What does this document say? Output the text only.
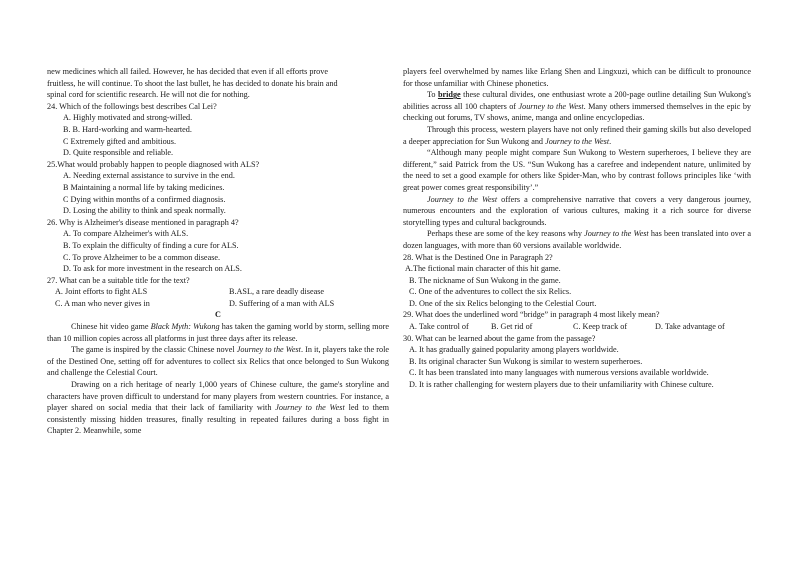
new medicines which all failed. However, he has decided that even if all efforts prove
fruitless, he will continue. To shoot the last bullet, he has decided to donate his brain and
spinal cord for scientific research. He will not die for nothing.
24. Which of the followings best describes Cal Lei?
A. Highly motivated and strong-willed.
B. B. Hard-working and warm-hearted.
C Extremely gifted and ambitious.
D. Quite responsible and reliable.
25.What would probably happen to people diagnosed with ALS?
A. Needing external assistance to survive in the end.
B Maintaining a normal life by taking medicines.
C Dying within months of a confirmed diagnosis.
D. Losing the ability to think and speak normally.
26. Why is Alzheimer's disease mentioned in paragraph 4?
A. To compare Alzheimer's with ALS.
B. To explain the difficulty of finding a cure for ALS.
C. To prove Alzheimer to be a common disease.
D. To ask for more investment in the research on ALS.
27. What can be a suitable title for the text?
A. Joint efforts to fight ALS	B.ASL, a rare deadly disease
C. A man who never gives in	D. Suffering of a man with ALS
C
Chinese hit video game Black Myth: Wukong has taken the gaming world by storm, selling more than 10 million copies across all platforms in just three days after its release.
The game is inspired by the classic Chinese novel Journey to the West. In it, players take the role of the Destined One, setting off for adventures to collect six Relics that once belonged to Sun Wukong and challenge the Celestial Court.
Drawing on a rich heritage of nearly 1,000 years of Chinese culture, the game's storyline and characters have proven difficult to understand for many players from western countries. For instance, a player shared on social media that their lack of familiarity with Journey to the West led to them consistently missing hidden treasures, finally resulting in repeated failures during a boss fight in Chapter 2. Meanwhile, some
players feel overwhelmed by names like Erlang Shen and Lingxuzi, which can be difficult to pronounce for those unfamiliar with Chinese phonetics.
To bridge these cultural divides, one enthusiast wrote a 200-page outline detailing Sun Wukong's abilities across all 100 chapters of Journey to the West. Many others immersed themselves in the epic by checking out forums, TV shows, anime, manga and online encyclopedias.
Through this process, western players have not only refined their gaming skills but also developed a deeper appreciation for Sun Wukong and Journey to the West.
“Although many people might compare Sun Wukong to Western superheroes, I believe they are different,” said Patrick from the US. “Sun Wukong has a carefree and independent nature, unlimited by the need to set a good example for others like Spider-Man, who by contrast follows principles like ‘with great power comes great responsibility’.”
Journey to the West offers a comprehensive narrative that covers a very dangerous journey, numerous encounters and the exploration of various cultures, making it a rich source for diverse storytelling types and cultural backgrounds.
Perhaps these are some of the key reasons why Journey to the West has been translated into over a dozen languages, with more than 60 versions available worldwide.
28. What is the Destined One in Paragraph 2?
A.The fictional main character of this hit game.
B. The nickname of Sun Wukong in the game.
C. One of the adventures to collect the six Relics.
D. One of the six Relics belonging to the Celestial Court.
29. What does the underlined word “bridge” in paragraph 4 most likely mean?
A. Take control of	B. Get rid of	C. Keep track of	D. Take advantage of
30. What can be learned about the game from the passage?
A. It has gradually gained popularity among players worldwide.
B. Its original character Sun Wukong is similar to western superheroes.
C. It has been translated into many languages with numerous versions available worldwide.
D. It is rather challenging for western players due to their unfamiliarity with Chinese culture.
